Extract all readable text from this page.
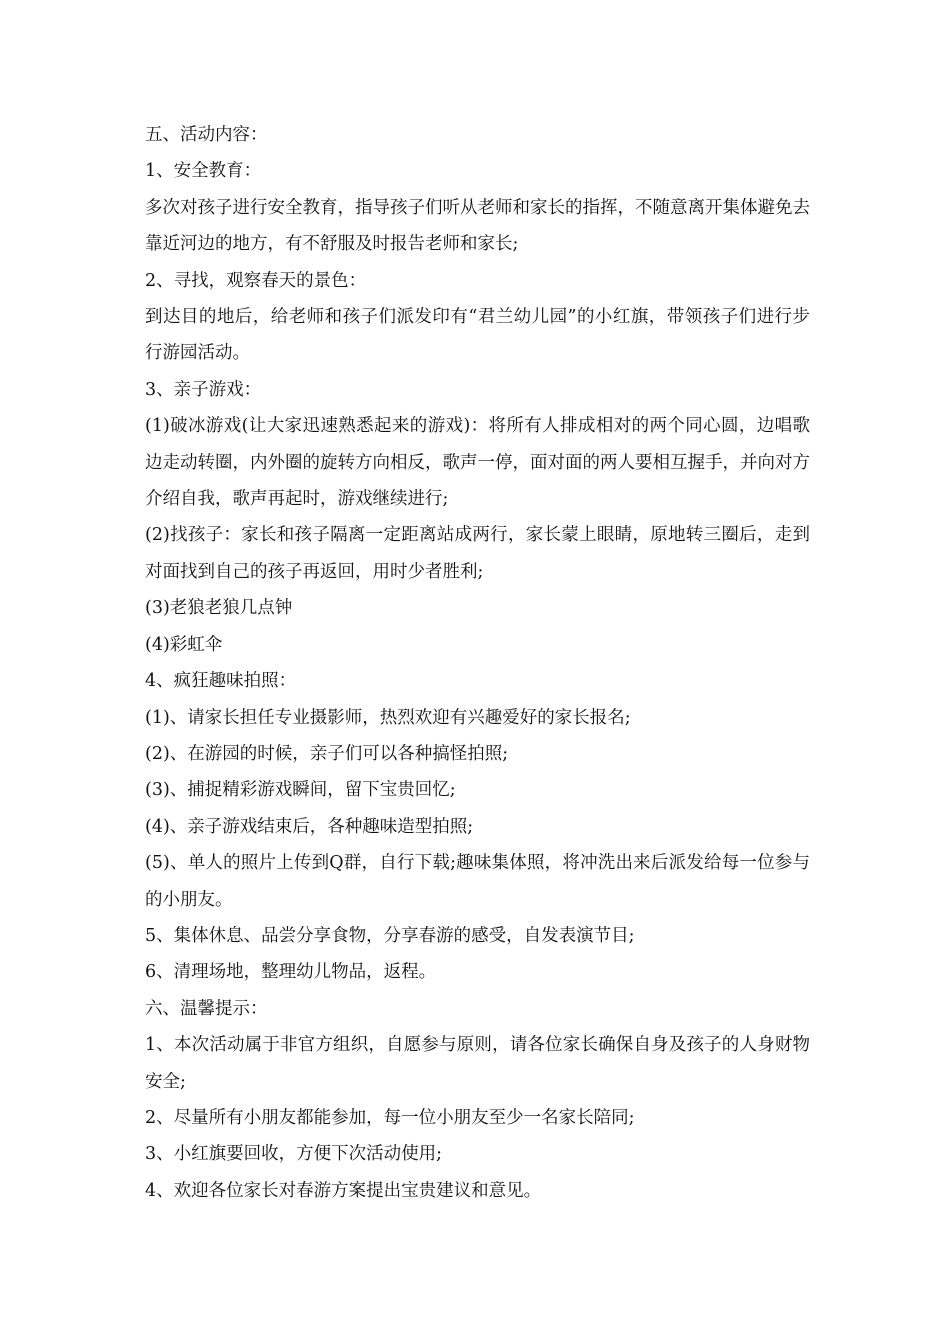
五、活动内容：

1、安全教育：

多次对孩子进行安全教育，指导孩子们听从老师和家长的指挥，不随意离开集体避免去靠近河边的地方，有不舒服及时报告老师和家长;

2、寻找，观察春天的景色：

到达目的地后，给老师和孩子们派发印有“君兰幼儿园”的小红旗，带领孩子们进行步行游园活动。

3、亲子游戏：

(1)破冰游戏(让大家迅速熟悉起来的游戏)：将所有人排成相对的两个同心圆，边唱歌边走动转圈，内外圈的旋转方向相反，歌声一停，面对面的两人要相互握手，并向对方介绍自我，歌声再起时，游戏继续进行;

(2)找孩子：家长和孩子隔离一定距离站成两行，家长蒙上眼睛，原地转三圈后，走到对面找到自己的孩子再返回，用时少者胜利;

(3)老狼老狼几点钟

(4)彩虹伞

4、疯狂趣味拍照：

(1)、请家长担任专业摄影师，热烈欢迎有兴趣爱好的家长报名;

(2)、在游园的时候，亲子们可以各种搞怪拍照;

(3)、捕捉精彩游戏瞬间，留下宝贵回忆;

(4)、亲子游戏结束后，各种趣味造型拍照;

(5)、单人的照片上传到Q群，自行下载;趣味集体照，将冲洗出来后派发给每一位参与的小朋友。

5、集体休息、品尝分享食物，分享春游的感受，自发表演节目;

6、清理场地，整理幼儿物品，返程。

六、温馨提示：

1、本次活动属于非官方组织，自愿参与原则，请各位家长确保自身及孩子的人身财物安全;

2、尽量所有小朋友都能参加，每一位小朋友至少一名家长陪同;

3、小红旗要回收，方便下次活动使用;

4、欢迎各位家长对春游方案提出宝贵建议和意见。
